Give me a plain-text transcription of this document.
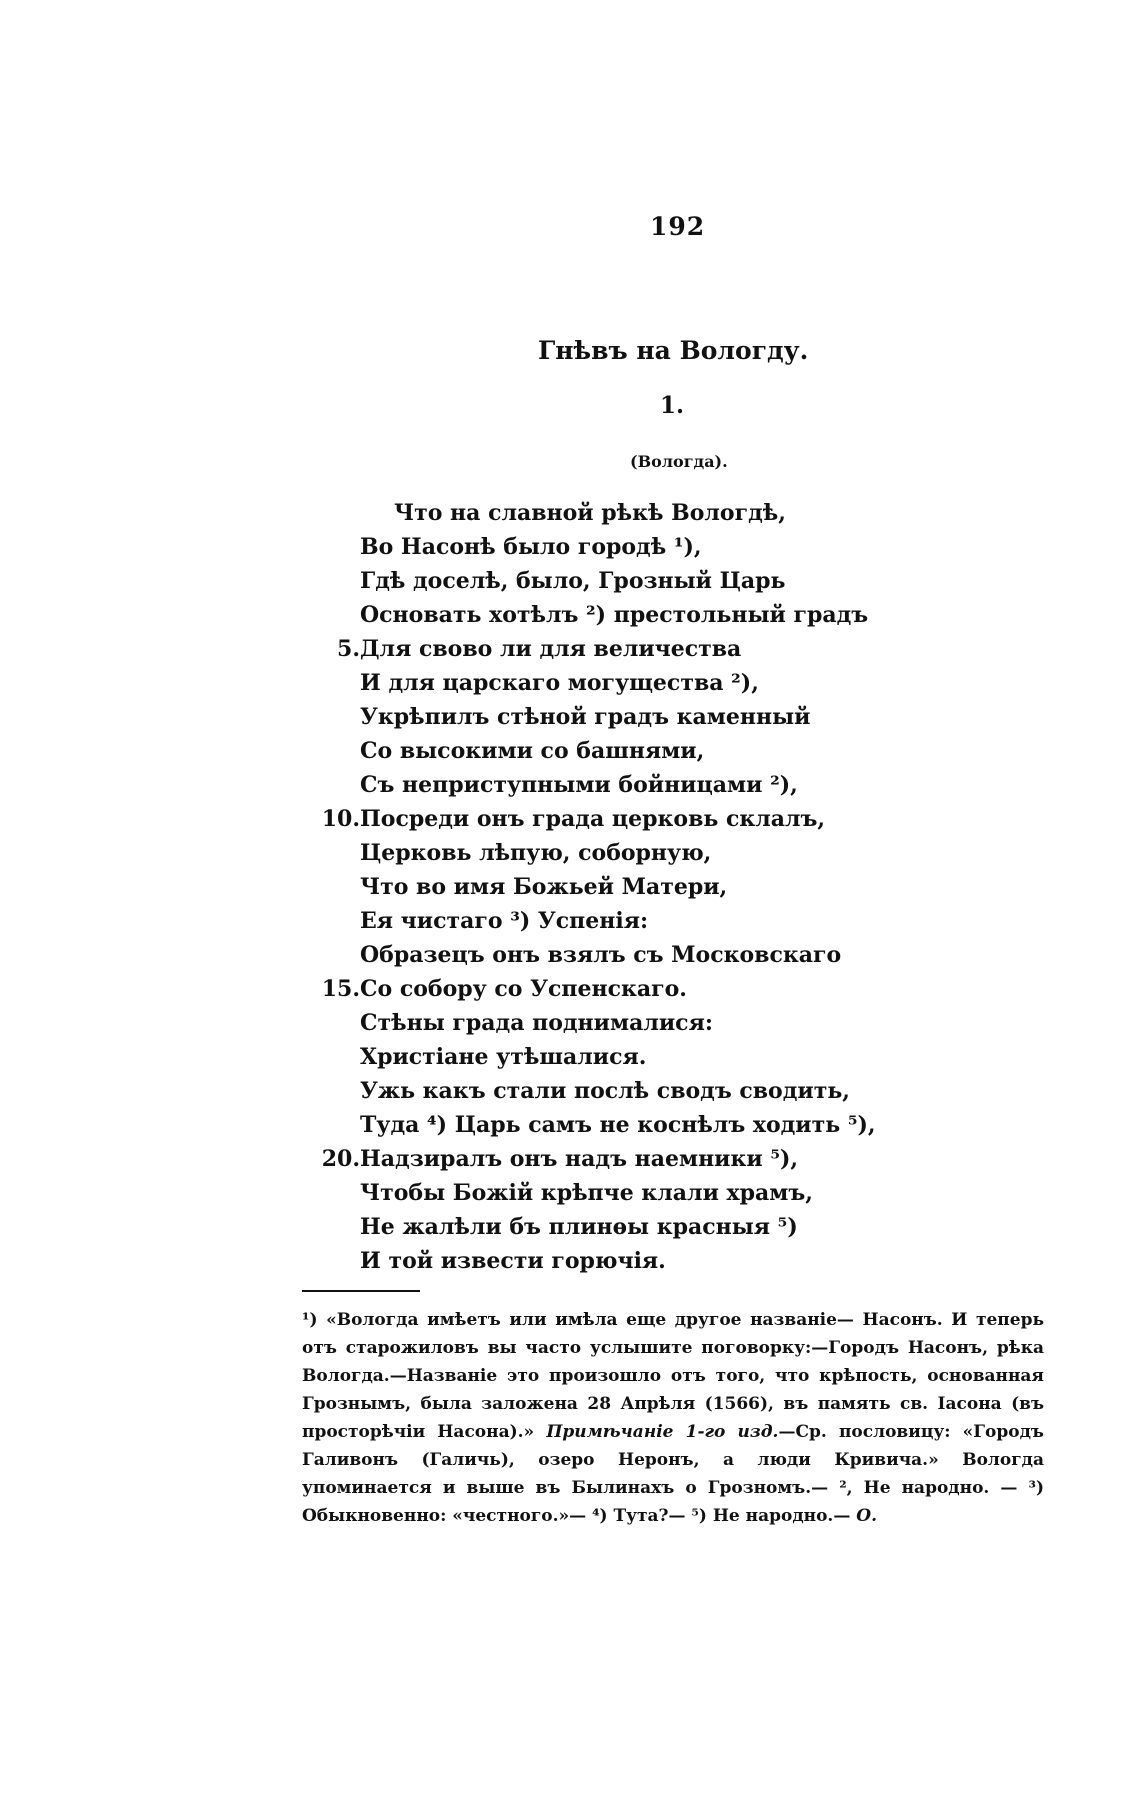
192
Гнѣвъ на Вологду.
1.
(Вологда).
Что на славной рѣкѣ Вологдѣ,
Во Насонѣ было городѣ ¹),
Гдѣ доселѣ, было, Грозный Царь
Основать хотѣлъ ²) престольный градъ
5. Для свово ли для величества
И для царскаго могущества ²),
Укрѣпилъ стѣной градъ каменный
Со высокими со башнями,
Съ неприступными бойницами ²),
10. Посреди онъ града церковь склалъ,
Церковь лѣпую, соборную,
Что во имя Божьей Матери,
Ея чистаго ³) Успенія:
Образецъ онъ взялъ съ Московскаго
15. Со собору со Успенскаго.
Стѣны града поднималися:
Христіане утѣшалися.
Ужь какъ стали послѣ сводъ сводить,
Туда ⁴) Царь самъ не коснѣлъ ходить ⁵),
20. Надзиралъ онъ надъ наемники ⁵),
Чтобы Божій крѣпче клали храмъ,
Не жалѣли бъ плинѳы красныя ⁵)
И той извести горючія.

¹) «Вологда имѣетъ или имѣла еще другое названіе— Насонъ. И теперь отъ старожиловъ вы часто услышите поговорку:—Городъ Насонъ, рѣка Вологда.—Названіе это произошло отъ того, что крѣпость, основанная Грознымъ, была заложена 28 Апрѣля (1566), въ память св. Іасона (въ просторѣчіи Насона).» Примѣчаніе 1-го изд.—Ср. пословицу: «Городъ Галивонъ (Галичь), озеро Неронъ, а люди Кривича.» Вологда упоминается и выше въ Былинахъ о Грозномъ.— ², Не народно. — ³) Обыкновенно: «честного.»— ⁴) Тута?— ⁵) Не народно.— О.
